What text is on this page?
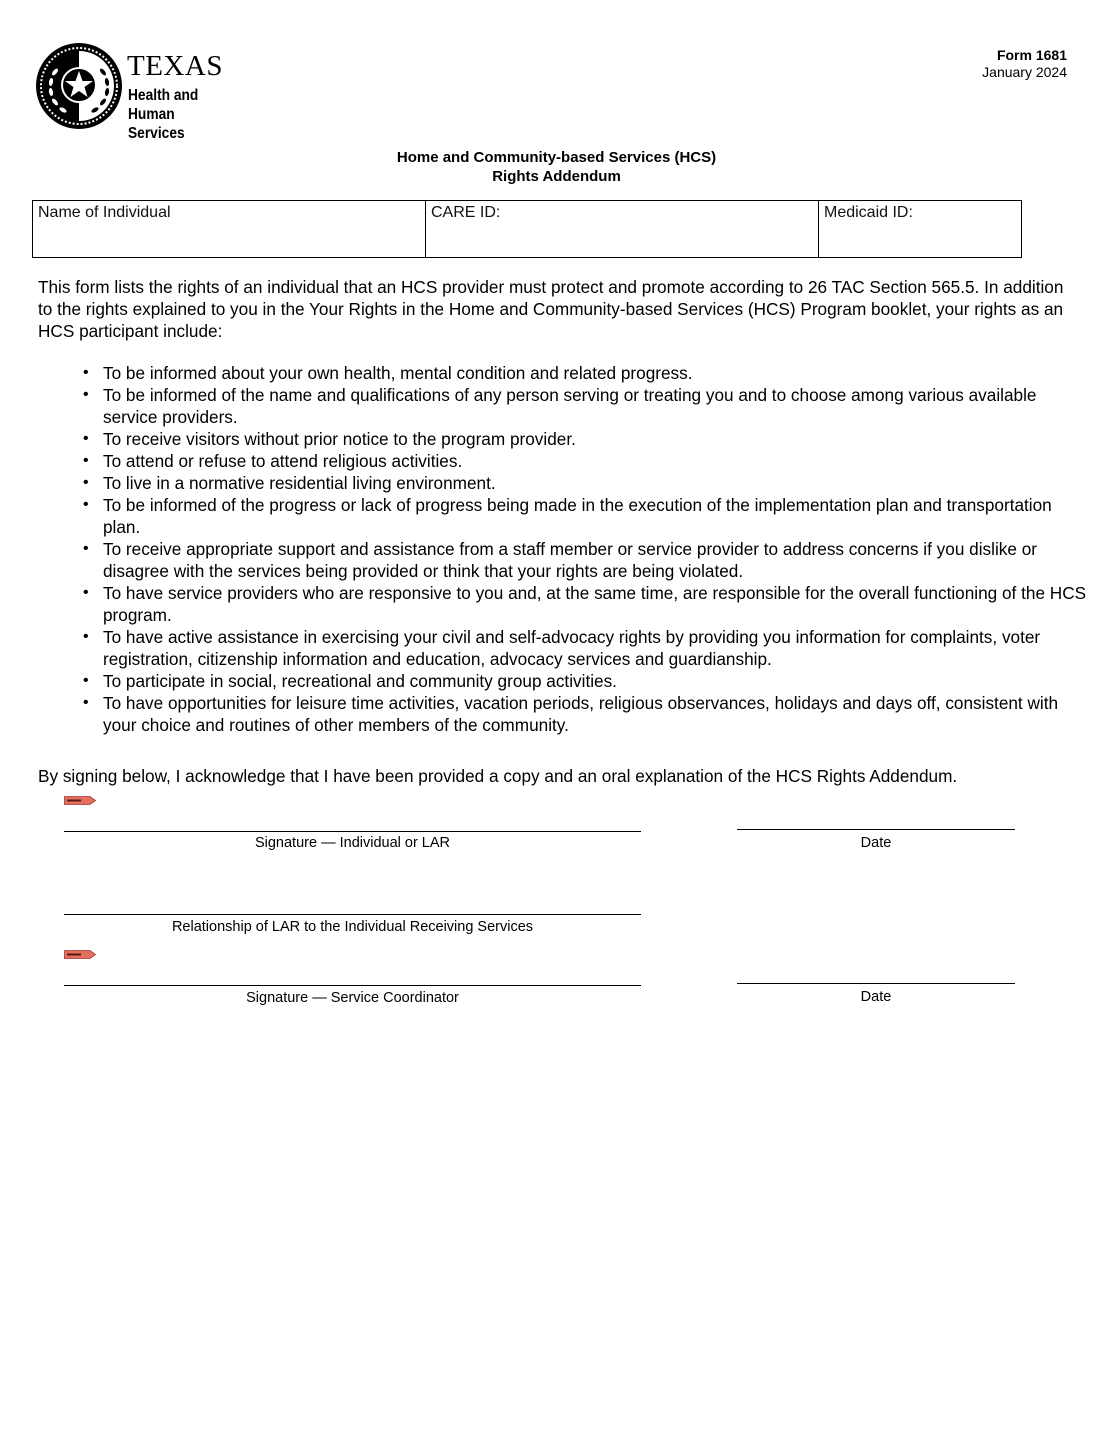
TEXAS
Health and Human
Services
Form 1681
January 2024
Home and Community-based Services (HCS)
Rights Addendum
Name of Individual	CARE ID:	Medicaid ID:
This form lists the rights of an individual that an HCS provider must protect and promote according to 26 TAC Section 565.5. In addition to the rights explained to you in the Your Rights in the Home and Community-based Services (HCS) Program booklet, your rights as an HCS participant include:
• To be informed about your own health, mental condition and related progress.
• To be informed of the name and qualifications of any person serving or treating you and to choose among various available service providers.
• To receive visitors without prior notice to the program provider.
• To attend or refuse to attend religious activities.
• To live in a normative residential living environment.
• To be informed of the progress or lack of progress being made in the execution of the implementation plan and transportation plan.
• To receive appropriate support and assistance from a staff member or service provider to address concerns if you dislike or disagree with the services being provided or think that your rights are being violated.
• To have service providers who are responsive to you and, at the same time, are responsible for the overall functioning of the HCS program.
• To have active assistance in exercising your civil and self-advocacy rights by providing you information for complaints, voter registration, citizenship information and education, advocacy services and guardianship.
• To participate in social, recreational and community group activities.
• To have opportunities for leisure time activities, vacation periods, religious observances, holidays and days off, consistent with your choice and routines of other members of the community.
By signing below, I acknowledge that I have been provided a copy and an oral explanation of the HCS Rights Addendum.
Signature — Individual or LAR	Date
Relationship of LAR to the Individual Receiving Services
Signature — Service Coordinator	Date
